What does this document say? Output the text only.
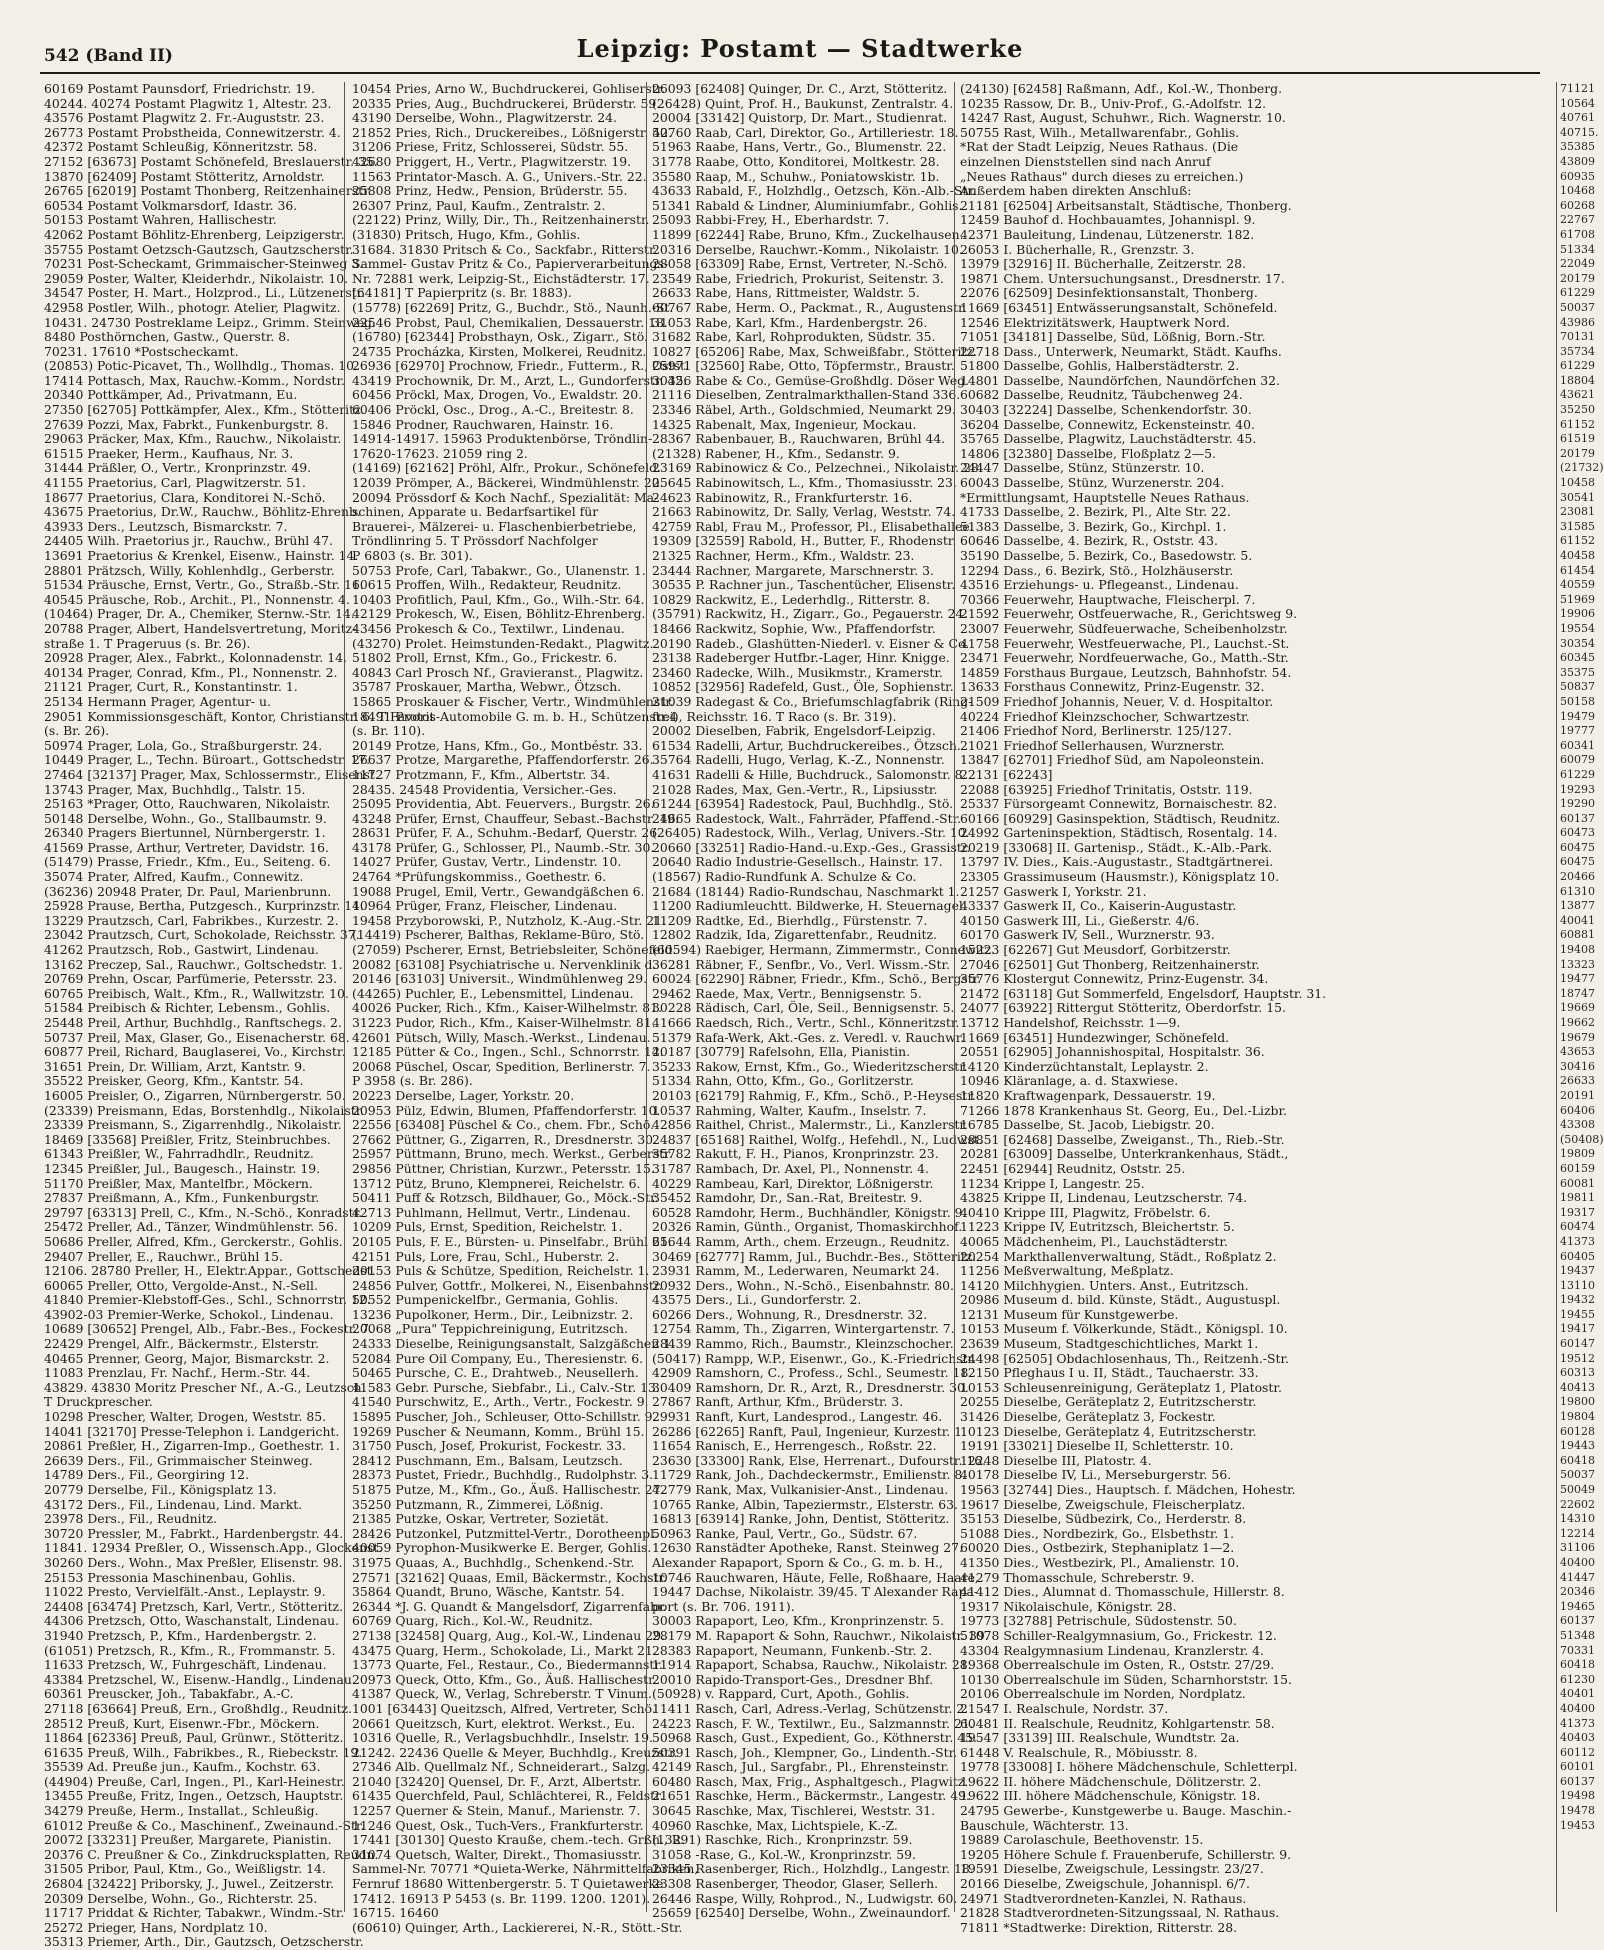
542 (Band II)	Leipzig: Postamt — Stadtwerke
60169 Postamt Paunsdorf, Friedrichstr. 19.
40244. 40274 Postamt Plagwitz 1, Altestr. 23.
43576 Postamt Plagwitz 2. Fr.-Auguststr. 23.
26773 Postamt Probstheida, Connewitzerstr. 4.
42372 Postamt Schleußig, Könneritzstr. 58.
27152 [63673] Postamt Schönefeld, Breslauerstr. 35.
13870 [62409] Postamt Stötteritz, Arnoldstr.
26765 [62019] Postamt Thonberg, Reitzenhainerstr.
60534 Postamt Volkmarsdorf, Idastr. 36.
50153 Postamt Wahren, Hallischestr.
42062 Postamt Böhlitz-Ehrenberg, Leipzigerstr.
35755 Postamt Oetzsch-Gautzsch, Gautzscherstr.
70231 Post-Scheckamt, Grimmaischer-Steinweg 3.
29059 Poster, Walter, Kleiderhdr., Nikolaistr. 10.
34547 Poster, H. Mart., Holzprod., Li., Lützenerstr.
42958 Postler, Wilh., photogr. Atelier, Plagwitz.
10431. 24730 Postreklame Leipz., Grimm. Steinweg.
8480 Posthörnchen, Gastw., Querstr. 8.
70231. 17610 *Postscheckamt.
(20853) Potic-Picavet, Th., Wollhdlg., Thomas. 10.
17414 Pottasch, Max, Rauchw.-Komm., Nordstr.
20340 Pottkämper, Ad., Privatmann, Eu.
27350 [62705] Pottkämpfer, Alex., Kfm., Stötteritz.
27639 Pozzi, Max, Fabrkt., Funkenburgstr. 8.
29063 Präcker, Max, Kfm., Rauchw., Nikolaistr.
61515 Praeker, Herm., Kaufhaus, Nr. 3.
31444 Präßler, O., Vertr., Kronprinzstr. 49.
41155 Praetorius, Carl, Plagwitzerstr. 51.
18677 Praetorius, Clara, Konditorei N.-Schö.
43675 Praetorius, Dr.W., Rauchw., Böhlitz-Ehrenb.
43933 Ders., Leutzsch, Bismarckstr. 7.
24405 Wilh. Praetorius jr., Rauchw., Brühl 47.
13691 Praetorius & Krenkel, Eisenw., Hainstr. 14.
28801 Prätzsch, Willy, Kohlenhdlg., Gerberstr.
51534 Präusche, Ernst, Vertr., Go., Straßb.-Str. 11.
40545 Präusche, Rob., Archit., Pl., Nonnenstr. 4.
(10464) Prager, Dr. A., Chemiker, Sternw.-Str. 14.
20788 Prager, Albert, Handelsvertretung, Moritz-
straße 1. T Prageruus (s. Br. 26).
20928 Prager, Alex., Fabrkt., Kolonnadenstr. 14.
40134 Prager, Conrad, Kfm., Pl., Nonnenstr. 2.
21121 Prager, Curt, R., Konstantinstr. 1.
25134 Hermann Prager, Agentur- u.
29051 Kommissionsgeschäft, Kontor, Christianstr. 6. T Favorit
(s. Br. 26).
50974 Prager, Lola, Go., Straßburgerstr. 24.
10449 Prager, L., Techn. Büroart., Gottschedstr. 17.
27464 [32137] Prager, Max, Schlossermstr., Elisenst.
13743 Prager, Max, Buchhdlg., Talstr. 15.
25163 *Prager, Otto, Rauchwaren, Nikolaistr.
50148 Derselbe, Wohn., Go., Stallbaumstr. 9.
26340 Pragers Biertunnel, Nürnbergerstr. 1.
41569 Prasse, Arthur, Vertreter, Davidstr. 16.
(51479) Prasse, Friedr., Kfm., Eu., Seiteng. 6.
35074 Prater, Alfred, Kaufm., Connewitz.
(36236) 20948 Prater, Dr. Paul, Marienbrunn.
25928 Prause, Bertha, Putzgesch., Kurprinzstr. 11.
13229 Prautzsch, Carl, Fabrikbes., Kurzestr. 2.
23042 Prautzsch, Curt, Schokolade, Reichsstr. 37.
41262 Prautzsch, Rob., Gastwirt, Lindenau.
13162 Preczep, Sal., Rauchwr., Goltschedstr. 1.
20769 Prehn, Oscar, Parfümerie, Petersstr. 23.
60765 Preibisch, Walt., Kfm., R., Wallwitzstr. 10.
51584 Preibisch & Richter, Lebensm., Gohlis.
25448 Preil, Arthur, Buchhdlg., Ranftschegs. 2.
50737 Preil, Max, Glaser, Go., Eisenacherstr. 68.
60877 Preil, Richard, Bauglaserei, Vo., Kirchstr.
31651 Prein, Dr. William, Arzt, Kantstr. 9.
35522 Preisker, Georg, Kfm., Kantstr. 54.
16005 Preisler, O., Zigarren, Nürnbergerstr. 50.
(23339) Preismann, Edas, Borstenhdlg., Nikolaistr.
23339 Preismann, S., Zigarrenhdlg., Nikolaistr.
18469 [33568] Preißler, Fritz, Steinbruchbes.
61343 Preißler, W., Fahrradhdlr., Reudnitz.
12345 Preißler, Jul., Baugesch., Hainstr. 19.
51170 Preißler, Max, Mantelfbr., Möckern.
27837 Preißmann, A., Kfm., Funkenburgstr.
29797 [63313] Prell, C., Kfm., N.-Schö., Konradstr.
25472 Preller, Ad., Tänzer, Windmühlenstr. 56.
50686 Preller, Alfred, Kfm., Gerckerstr., Gohlis.
29407 Preller, E., Rauchwr., Brühl 15.
12106. 28780 Preller, H., Elektr.Appar., Gottschedst.
60065 Preller, Otto, Vergolde-Anst., N.-Sell.
41840 Premier-Klebstoff-Ges., Schl., Schnorrstr. 12.
43902-03 Premier-Werke, Schokol., Lindenau.
10689 [30652] Prengel, Alb., Fabr.-Bes., Fockestr. 7.
22429 Prengel, Alfr., Bäckermstr., Elsterstr.
40465 Prenner, Georg, Major, Bismarckstr. 2.
11083 Prenzlau, Fr. Nachf., Herm.-Str. 44.
43829. 43830 Moritz Prescher Nf., A.-G., Leutzsch.
T Druckprescher.
10298 Prescher, Walter, Drogen, Weststr. 85.
14041 [32170] Presse-Telephon i. Landgericht.
20861 Preßler, H., Zigarren-Imp., Goethestr. 1.
26639 Ders., Fil., Grimmaischer Steinweg.
14789 Ders., Fil., Georgiring 12.
20779 Derselbe, Fil., Königsplatz 13.
43172 Ders., Fil., Lindenau, Lind. Markt.
23978 Ders., Fil., Reudnitz.
30720 Pressler, M., Fabrkt., Hardenbergstr. 44.
11841. 12934 Preßler, O., Wissensch.App., Glockenst.
30260 Ders., Wohn., Max Preßler, Elisenstr. 98.
25153 Pressonia Maschinenbau, Gohlis.
11022 Presto, Vervielfält.-Anst., Leplaystr. 9.
24408 [63474] Pretzsch, Karl, Vertr., Stötteritz.
44306 Pretzsch, Otto, Waschanstalt, Lindenau.
31940 Pretzsch, P., Kfm., Hardenbergstr. 2.
(61051) Pretzsch, R., Kfm., R., Frommanstr. 5.
11633 Pretzsch, W., Fuhrgeschäft, Lindenau.
43384 Pretzschel, W., Eisenw.-Handlg., Lindenau.
60361 Preuscker, Joh., Tabakfabr., A.-C.
27118 [63664] Preuß, Ern., Großhdlg., Reudnitz.
28512 Preuß, Kurt, Eisenwr.-Fbr., Möckern.
11864 [62336] Preuß, Paul, Grünwr., Stötteritz.
61635 Preuß, Wilh., Fabrikbes., R., Riebeckstr. 19.
35539 Ad. Preuße jun., Kaufm., Kochstr. 63.
(44904) Preuße, Carl, Ingen., Pl., Karl-Heinestr.
13455 Preuße, Fritz, Ingen., Oetzsch, Hauptstr.
34279 Preuße, Herm., Installat., Schleußig.
61012 Preuße & Co., Maschinenf., Zweinaund.-Str.
20072 [33231] Preußer, Margarete, Pianistin.
20376 C. Preußner & Co., Zinkdrucksplatten, Reudn.
31505 Pribor, Paul, Ktm., Go., Weißligstr. 14.
26804 [32422] Priborsky, J., Juwel., Zeitzerstr.
20309 Derselbe, Wohn., Go., Richterstr. 25.
11717 Priddat & Richter, Tabakwr., Windm.-Str.
25272 Prieger, Hans, Nordplatz 10.
35313 Priemer, Arth., Dir., Gautzsch, Oetzscherstr.
10454 Pries, Arno W., Buchdruckerei, Gohliserstr.
20335 Pries, Aug., Buchdruckerei, Brüderstr. 59.
43190 Derselbe, Wohn., Plagwitzerstr. 24.
21852 Pries, Rich., Druckereibes., Lößnigerstr. 42.
31206 Priese, Fritz, Schlosserei, Südstr. 55.
42680 Priggert, H., Vertr., Plagwitzerstr. 19.
11563 Printator-Masch. A. G., Univers.-Str. 22.
25808 Prinz, Hedw., Pension, Brüderstr. 55.
26307 Prinz, Paul, Kaufm., Zentralstr. 2.
(22122) Prinz, Willy, Dir., Th., Reitzenhainerstr.
(31830) Pritsch, Hugo, Kfm., Gohlis.
31684. 31830 Pritsch & Co., Sackfabr., Ritterstr.
Sammel- Gustav Pritz & Co., Papierverarbeitungs-
Nr. 72881 werk, Leipzig-St., Eichstädterstr. 17.
[64181] T Papierpritz (s. Br. 1883).
(15778) [62269] Pritz, G., Buchdr., Stö., Naunh.-St.
22546 Probst, Paul, Chemikalien, Dessauerstr. 18.
(16780) [62344] Probsthayn, Osk., Zigarr., Stö.
24735 Procházka, Kirsten, Molkerei, Reudnitz.
26936 [62970] Prochnow, Friedr., Futterm., R., Ostst.
43419 Prochownik, Dr. M., Arzt, L., Gundorferstr. 42.
60456 Pröckl, Max, Drogen, Vo., Ewaldstr. 20.
60406 Pröckl, Osc., Drog., A.-C., Breitestr. 8.
15846 Prodner, Rauchwaren, Hainstr. 16.
14914-14917. 15963 Produktenbörse, Tröndlin-
17620-17623. 21059 ring 2.
(14169) [62162] Pröhl, Alfr., Prokur., Schönefeld.
12039 Prömper, A., Bäckerei, Windmühlenstr. 20.
20094 Prössdorf & Koch Nachf., Spezialität: Ma-
schinen, Apparate u. Bedarfsartikel für
Brauerei-, Mälzerei- u. Flaschenbierbetriebe,
Tröndlinring 5. T Prössdorf Nachfolger
P 6803 (s. Br. 301).
50753 Profe, Carl, Tabakwr., Go., Ulanenstr. 1.
60615 Proffen, Wilh., Redakteur, Reudnitz.
10403 Profitlich, Paul, Kfm., Go., Wilh.-Str. 64.
42129 Prokesch, W., Eisen, Böhlitz-Ehrenberg.
43456 Prokesch & Co., Textilwr., Lindenau.
(43270) Prolet. Heimstunden-Redakt., Plagwitz.
51802 Proll, Ernst, Kfm., Go., Frickestr. 6.
40843 Carl Prosch Nf., Gravieranst., Plagwitz.
35787 Proskauer, Martha, Webwr., Ötzsch.
15865 Proskauer & Fischer, Vertr., Windmühlenstr.
18491 Protos-Automobile G. m. b. H., Schützenstr.4
(s. Br. 110).
20149 Protze, Hans, Kfm., Go., Montbéstr. 33.
26637 Protze, Margarethe, Pfaffendorferstr. 26.
11727 Protzmann, F., Kfm., Albertstr. 34.
28435. 24548 Providentia, Versicher.-Ges.
25095 Providentia, Abt. Feuervers., Burgstr. 26.
43248 Prüfer, Ernst, Chauffeur, Sebast.-Bachstr. 19.
28631 Prüfer, F. A., Schuhm.-Bedarf, Querstr. 26.
43178 Prüfer, G., Schlosser, Pl., Naumb.-Str. 30.
14027 Prüfer, Gustav, Vertr., Lindenstr. 10.
24764 *Prüfungskommiss., Goethestr. 6.
19088 Prugel, Emil, Vertr., Gewandgäßchen 6.
40964 Prüger, Franz, Fleischer, Lindenau.
19458 Przyborowski, P., Nutzholz, K.-Aug.-Str. 21.
(14419) Pscherer, Balthas, Reklame-Büro, Stö.
(27059) Pscherer, Ernst, Betriebsleiter, Schönefeld.
20082 [63108] Psychiatrische u. Nervenklinik d.
20146 [63103] Universit., Windmühlenweg 29.
(44265) Puchler, E., Lebensmittel, Lindenau.
40026 Pucker, Rich., Kfm., Kaiser-Wilhelmstr. 81.
31223 Pudor, Rich., Kfm., Kaiser-Wilhelmstr. 81.
42601 Pütsch, Willy, Masch.-Werkst., Lindenau.
12185 Pütter & Co., Ingen., Schl., Schnorrstr. 14.
20068 Püschel, Oscar, Spedition, Berlinerstr. 7.
P 3958 (s. Br. 286).
20223 Derselbe, Lager, Yorkstr. 20.
20953 Pülz, Edwin, Blumen, Pfaffendorferstr. 10.
22556 [63408] Püschel & Co., chem. Fbr., Schö.
27662 Püttner, G., Zigarren, R., Dresdnerstr. 30.
25957 Püttmann, Bruno, mech. Werkst., Gerberstr.
29856 Püttner, Christian, Kurzwr., Petersstr. 15.
13712 Pütz, Bruno, Klempnerei, Reichelstr. 6.
50411 Puff & Rotzsch, Bildhauer, Go., Möck.-Str.
42713 Puhlmann, Hellmut, Vertr., Lindenau.
10209 Puls, Ernst, Spedition, Reichelstr. 1.
20105 Puls, F. E., Bürsten- u. Pinselfabr., Brühl 65.
42151 Puls, Lore, Frau, Schl., Huberstr. 2.
20153 Puls & Schütze, Spedition, Reichelstr. 1.
24856 Pulver, Gottfr., Molkerei, N., Eisenbahnstr.
50552 Pumpenickelfbr., Germania, Gohlis.
13236 Pupolkoner, Herm., Dir., Leibnizstr. 2.
20068 „Pura" Teppichreinigung, Eutritzsch.
24333 Dieselbe, Reinigungsanstalt, Salzgäßchen 1.
52084 Pure Oil Company, Eu., Theresienstr. 6.
50465 Pursche, C. E., Drahtweb., Neusellerh.
41583 Gebr. Pursche, Siebfabr., Li., Calv.-Str. 13.
41540 Purschwitz, E., Arth., Vertr., Fockestr. 9.
15895 Puscher, Joh., Schleuser, Otto-Schillstr. 9.
19269 Puscher & Neumann, Komm., Brühl 15.
31750 Pusch, Josef, Prokurist, Fockestr. 33.
28412 Puschmann, Em., Balsam, Leutzsch.
28373 Pustet, Friedr., Buchhdlg., Rudolphstr. 3.
51875 Putze, M., Kfm., Go., Äuß. Hallischestr. 27.
35250 Putzmann, R., Zimmerei, Lößnig.
21385 Putzke, Oskar, Vertreter, Sozietät.
28426 Putzonkel, Putzmittel-Vertr., Dorotheenpl.
40059 Pyrophon-Musikwerke E. Berger, Gohlis.
31975 Quaas, A., Buchhdlg., Schenkend.-Str.
27571 [32162] Quaas, Emil, Bäckermstr., Kochstr.
35864 Quandt, Bruno, Wäsche, Kantstr. 54.
26344 *J. G. Quandt & Mangelsdorf, Zigarrenfabr.
60769 Quarg, Rich., Kol.-W., Reudnitz.
27138 [32458] Quarg, Aug., Kol.-W., Lindenau 29.
43475 Quarg, Herm., Schokolade, Li., Markt 21.
13773 Quarte, Fel., Restaur., Co., Biedermannstr.
20973 Queck, Otto, Kfm., Go., Äuß. Hallischestr.
41387 Queck, W., Verlag, Schreberstr. T Vinum.
1001 [63443] Queitzsch, Alfred, Vertreter, Schö.
20661 Queitzsch, Kurt, elektrot. Werkst., Eu.
10316 Quelle, R., Verlagsbuchhdlr., Inselstr. 19.
21242. 22436 Quelle & Meyer, Buchhdlg., Kreuzstr.
27346 Alb. Quellmalz Nf., Schneiderart., Salzg.
21040 [32420] Quensel, Dr. F., Arzt, Albertstr.
61435 Querchfeld, Paul, Schlächterei, R., Feldstr.
12257 Querner & Stein, Manuf., Marienstr. 7.
11246 Quest, Osk., Tuch-Vers., Frankfurterstr.
17441 [30130] Questo Krauße, chem.-tech. Grßh., R.
31074 Quetsch, Walter, Direkt., Thomasiusstr.
Sammel-Nr. 70771 *Quieta-Werke, Nährmittelfabriken,
Fernruf 18680 Wittenbergerstr. 5. T Quietawerke
17412. 16913 P 5453 (s. Br. 1199. 1200. 1201).
16715. 16460
(60610) Quinger, Arth., Lackiererei, N.-R., Stött.-Str.
26093 [62408] Quinger, Dr. C., Arzt, Stötteritz.
(26428) Quint, Prof. H., Baukunst, Zentralstr. 4.
20004 [33142] Quistorp, Dr. Mart., Studienrat.
50760 Raab, Carl, Direktor, Go., Artilleriestr. 18.
51963 Raabe, Hans, Vertr., Go., Blumenstr. 22.
31778 Raabe, Otto, Konditorei, Moltkestr. 28.
35580 Raap, M., Schuhw., Poniatowskistr. 1b.
43633 Rabald, F., Holzhdlg., Oetzsch, Kön.-Alb.-Str.
51341 Rabald & Lindner, Aluminiumfabr., Gohlis.
25093 Rabbi-Frey, H., Eberhardstr. 7.
11899 [62244] Rabe, Bruno, Kfm., Zuckelhausen.
20316 Derselbe, Rauchwr.-Komm., Nikolaistr. 10.
28058 [63309] Rabe, Ernst, Vertreter, N.-Schö.
23549 Rabe, Friedrich, Prokurist, Seitenstr. 3.
26633 Rabe, Hans, Rittmeister, Waldstr. 5.
60767 Rabe, Herm. O., Packmat., R., Augustenstr.
31053 Rabe, Karl, Kfm., Hardenbergstr. 26.
31682 Rabe, Karl, Rohprodukten, Südstr. 35.
10827 [65206] Rabe, Max, Schweißfabr., Stötteritz.
25971 [32560] Rabe, Otto, Töpfermstr., Braustr.
30356 Rabe & Co., Gemüse-Großhdlg. Döser Weg.
21116 Dieselben, Zentralmarkthallen-Stand 336.
23346 Räbel, Arth., Goldschmied, Neumarkt 29.
14325 Rabenalt, Max, Ingenieur, Mockau.
28367 Rabenbauer, B., Rauchwaren, Brühl 44.
(21328) Rabener, H., Kfm., Sedanstr. 9.
23169 Rabinowicz & Co., Pelzechnei., Nikolaistr. 28.
25645 Rabinowitsch, L., Kfm., Thomasiusstr. 23.
24623 Rabinowitz, R., Frankfurterstr. 16.
21663 Rabinowitz, Dr. Sally, Verlag, Weststr. 74.
42759 Rabl, Frau M., Professor, Pl., Elisabethallee.
19309 [32559] Rabold, H., Butter, F., Rhodenstr.
21325 Rachner, Herm., Kfm., Waldstr. 23.
23444 Rachner, Margarete, Marschnerstr. 3.
30535 P. Rachner jun., Taschentücher, Elisenstr.
10829 Rackwitz, E., Lederhdlg., Ritterstr. 8.
(35791) Rackwitz, H., Zigarr., Go., Pegauerstr. 24.
18466 Rackwitz, Sophie, Ww., Pfaffendorfstr.
20190 Radeb., Glashütten-Niederl. v. Eisner & Co.
23138 Radeberger Hutfbr.-Lager, Hinr. Knigge.
23460 Radecke, Wilh., Musikmstr., Kramerstr.
10852 [32956] Radefeld, Gust., Öle, Sophienstr.
21039 Radegast & Co., Briefumschlagfabrik (Ring-
frei), Reichsstr. 16. T Raco (s. Br. 319).
20002 Dieselben, Fabrik, Engelsdorf-Leipzig.
61534 Radelli, Artur, Buchdruckereibes., Ötzsch.
35764 Radelli, Hugo, Verlag, K.-Z., Nonnenstr.
41631 Radelli & Hille, Buchdruck., Salomonstr. 8.
21028 Rades, Max, Gen.-Vertr., R., Lipsiusstr.
61244 [63954] Radestock, Paul, Buchhdlg., Stö.
24665 Radestock, Walt., Fahrräder, Pfaffend.-Str.
(26405) Radestock, Wilh., Verlag, Univers.-Str. 10.
20660 [33251] Radio-Hand.-u.Exp.-Ges., Grassistr.
20640 Radio Industrie-Gesellsch., Hainstr. 17.
(18567) Radio-Rundfunk A. Schulze & Co.
21684 (18144) Radio-Rundschau, Naschmarkt 1.
11200 Radiumleuchtt. Bildwerke, H. Steuernagel.
11209 Radtke, Ed., Bierhdlg., Fürstenstr. 7.
12802 Radzik, Ida, Zigarettenfabr., Reudnitz.
(60594) Raebiger, Hermann, Zimmermstr., Connewitz.
36281 Räbner, F., Senfbr., Vo., Verl. Wissm.-Str.
60024 [62290] Räbner, Friedr., Kfm., Schö., Bergstr.
29462 Raede, Max, Vertr., Bennigsenstr. 5.
30228 Rädisch, Carl, Öle, Seil., Bennigsenstr. 5.
41666 Raedsch, Rich., Vertr., Schl., Könneritzstr.
51379 Rafa-Werk, Akt.-Ges. z. Veredl. v. Rauchwr.
20187 [30779] Rafelsohn, Ella, Pianistin.
35233 Rakow, Ernst, Kfm., Go., Wiederitzscherstr.
51334 Rahn, Otto, Kfm., Go., Gorlitzerstr.
20103 [62179] Rahmig, F., Kfm., Schö., P.-Heysestr.
10537 Rahming, Walter, Kaufm., Inselstr. 7.
42856 Raithel, Christ., Malermstr., Li., Kanzlerstr.
24837 [65168] Raithel, Wolfg., Hefehdl., N., Ludwst.
35782 Rakutt, F. H., Pianos, Kronprinzstr. 23.
31787 Rambach, Dr. Axel, Pl., Nonnenstr. 4.
40229 Rambeau, Karl, Direktor, Lößnigerstr.
35452 Ramdohr, Dr., San.-Rat, Breitestr. 9.
60528 Ramdohr, Herm., Buchhändler, Königstr. 9.
20326 Ramin, Günth., Organist, Thomaskirchhof.
21644 Ramm, Arth., chem. Erzeugn., Reudnitz.
30469 [62777] Ramm, Jul., Buchdr.-Bes., Stötteritz.
23931 Ramm, M., Lederwaren, Neumarkt 24.
20932 Ders., Wohn., N.-Schö., Eisenbahnstr. 80.
43575 Ders., Li., Gundorferstr. 2.
60266 Ders., Wohnung, R., Dresdnerstr. 32.
12754 Ramm, Th., Zigarren, Wintergartenstr. 7.
28439 Rammo, Rich., Baumstr., Kleinzschocher.
(50417) Rampp, W.P., Eisenwr., Go., K.-Friedrichstr.
42909 Ramshorn, C., Profess., Schl., Seumestr. 18.
30409 Ramshorn, Dr. R., Arzt, R., Dresdnerstr. 30.
27867 Ranft, Arthur, Kfm., Brüderstr. 3.
29931 Ranft, Kurt, Landesprod., Langestr. 46.
26286 [62265] Ranft, Paul, Ingenieur, Kurzestr. 1.
11654 Ranisch, E., Herrengesch., Roßstr. 22.
23630 [33300] Rank, Else, Herrenart., Dufourstr. 16.
11729 Rank, Joh., Dachdeckermstr., Emilienstr. 8.
42779 Rank, Max, Vulkanisier-Anst., Lindenau.
10765 Ranke, Albin, Tapeziermstr., Elsterstr. 63.
16813 [63914] Ranke, John, Dentist, Stötteritz.
50963 Ranke, Paul, Vertr., Go., Südstr. 67.
12630 Ranstädter Apotheke, Ranst. Steinweg 27.
Alexander Rapaport, Sporn & Co., G. m. b. H.,
10746 Rauchwaren, Häute, Felle, Roßhaare, Haare,
19447 Dachse, Nikolaistr. 39/45. T Alexander Rapa-
port (s. Br. 706. 1911).
30003 Rapaport, Leo, Kfm., Kronprinzenstr. 5.
28179 M. Rapaport & Sohn, Rauchwr., Nikolaistr. 39.
28383 Rapaport, Neumann, Funkenb.-Str. 2.
11914 Rapaport, Schabsa, Rauchw., Nikolaistr. 28.
20010 Rapido-Transport-Ges., Dresdner Bhf.
(50928) v. Rappard, Curt, Apoth., Gohlis.
11411 Rasch, Carl, Adress.-Verlag, Schützenstr. 2.
24223 Rasch, F. W., Textilwr., Eu., Salzmannstr. 21.
50968 Rasch, Gust., Expedient, Go., Köthnerstr. 45.
50391 Rasch, Joh., Klempner, Go., Lindenth.-Str.
42149 Rasch, Jul., Sargfabr., Pl., Ehrensteinstr.
60480 Rasch, Max, Frig., Asphaltgesch., Plagwitz.
21651 Raschke, Herm., Bäckermstr., Langestr. 49.
30645 Raschke, Max, Tischlerei, Weststr. 31.
40960 Raschke, Max, Lichtspiele, K.-Z.
(13291) Raschke, Rich., Kronprinzstr. 59.
31058 -Rase, G., Kol.-W., Kronprinzstr. 59.
23345 Rasenberger, Rich., Holzhdlg., Langestr. 18.
23308 Rasenberger, Theodor, Glaser, Sellerh.
26446 Raspe, Willy, Rohprod., N., Ludwigstr. 60.
25659 [62540] Derselbe, Wohn., Zweinaundorf.
(24130) [62458] Raßmann, Adf., Kol.-W., Thonberg.
10235 Rassow, Dr. B., Univ-Prof., G.-Adolfstr. 12.
14247 Rast, August, Schuhwr., Rich. Wagnerstr. 10.
50755 Rast, Wilh., Metallwarenfabr., Gohlis.
*Rat der Stadt Leipzig, Neues Rathaus. (Die
einzelnen Dienststellen sind nach Anruf
„Neues Rathaus" durch dieses zu erreichen.)
Außerdem haben direkten Anschluß:
21181 [62504] Arbeitsanstalt, Städtische, Thonberg.
12459 Bauhof d. Hochbauamtes, Johannispl. 9.
42371 Bauleitung, Lindenau, Lützenerstr. 182.
26053 I. Bücherhalle, R., Grenzstr. 3.
13979 [32916] II. Bücherhalle, Zeitzerstr. 28.
19871 Chem. Untersuchungsanst., Dresdnerstr. 17.
22076 [62509] Desinfektionsanstalt, Thonberg.
11669 [63451] Entwässerungsanstalt, Schönefeld.
12546 Elektrizitätswerk, Hauptwerk Nord.
71051 [34181] Dasselbe, Süd, Lößnig, Born.-Str.
22718 Dass., Unterwerk, Neumarkt, Städt. Kaufhs.
51800 Dasselbe, Gohlis, Halberstädterstr. 2.
14801 Dasselbe, Naundörfchen, Naundörfchen 32.
60682 Dasselbe, Reudnitz, Täubchenweg 24.
30403 [32224] Dasselbe, Schenkendorfstr. 30.
36204 Dasselbe, Connewitz, Eckensteinstr. 40.
35765 Dasselbe, Plagwitz, Lauchstädterstr. 45.
14806 [32380] Dasselbe, Floßplatz 2—5.
24447 Dasselbe, Stünz, Stünzerstr. 10.
60043 Dasselbe, Stünz, Wurzenerstr. 204.
*Ermittlungsamt, Hauptstelle Neues Rathaus.
41733 Dasselbe, 2. Bezirk, Pl., Alte Str. 22.
51383 Dasselbe, 3. Bezirk, Go., Kirchpl. 1.
60646 Dasselbe, 4. Bezirk, R., Oststr. 43.
35190 Dasselbe, 5. Bezirk, Co., Basedowstr. 5.
12294 Dass., 6. Bezirk, Stö., Holzhäuserstr.
43516 Erziehungs- u. Pflegeanst., Lindenau.
70366 Feuerwehr, Hauptwache, Fleischerpl. 7.
21592 Feuerwehr, Ostfeuerwache, R., Gerichtsweg 9.
23007 Feuerwehr, Südfeuerwache, Scheibenholzstr.
41758 Feuerwehr, Westfeuerwache, Pl., Lauchst.-St.
23471 Feuerwehr, Nordfeuerwache, Go., Matth.-Str.
14859 Forsthaus Burgaue, Leutzsch, Bahnhofstr. 54.
13633 Forsthaus Connewitz, Prinz-Eugenstr. 32.
21509 Friedhof Johannis, Neuer, V. d. Hospitaltor.
40224 Friedhof Kleinzschocher, Schwartzestr.
21406 Friedhof Nord, Berlinerstr. 125/127.
21021 Friedhof Sellerhausen, Wurznerstr.
13847 [62701] Friedhof Süd, am Napoleonstein.
22131 [62243]
22088 [63925] Friedhof Trinitatis, Oststr. 119.
25337 Fürsorgeamt Connewitz, Bornaischestr. 82.
60166 [60929] Gasinspektion, Städtisch, Reudnitz.
24992 Garteninspektion, Städtisch, Rosentalg. 14.
20219 [33068] II. Gartenisp., Städt., K.-Alb.-Park.
13797 IV. Dies., Kais.-Augustastr., Stadtgärtnerei.
23305 Grassimuseum (Hausmstr.), Königsplatz 10.
21257 Gaswerk I, Yorkstr. 21.
43337 Gaswerk II, Co., Kaiserin-Augustastr.
40150 Gaswerk III, Li., Gießerstr. 4/6.
60170 Gaswerk IV, Sell., Wurznerstr. 93.
15223 [62267] Gut Meusdorf, Gorbitzerstr.
27046 [62501] Gut Thonberg, Reitzenhainerstr.
35776 Klostergut Connewitz, Prinz-Eugenstr. 34.
21472 [63118] Gut Sommerfeld, Engelsdorf, Hauptstr. 31.
24077 [63922] Rittergut Stötteritz, Oberdorfstr. 15.
13712 Handelshof, Reichsstr. 1—9.
11669 [63451] Hundezwinger, Schönefeld.
20551 [62905] Johannishospital, Hospitalstr. 36.
14120 Kinderzüchtanstalt, Leplaystr. 2.
10946 Kläranlage, a. d. Staxwiese.
11820 Kraftwagenpark, Dessauerstr. 19.
71266 1878 Krankenhaus St. Georg, Eu., Del.-Lizbr.
16785 Dasselbe, St. Jacob, Liebigstr. 20.
28851 [62468] Dasselbe, Zweiganst., Th., Rieb.-Str.
20281 [63009] Dasselbe, Unterkrankenhaus, Städt.,
22451 [62944] Reudnitz, Oststr. 25.
11234 Krippe I, Langestr. 25.
43825 Krippe II, Lindenau, Leutzscherstr. 74.
40410 Krippe III, Plagwitz, Fröbelstr. 6.
11223 Krippe IV, Eutritzsch, Bleichertstr. 5.
40065 Mädchenheim, Pl., Lauchstädterstr.
20254 Markthallenverwaltung, Städt., Roßplatz 2.
11256 Meßverwaltung, Meßplatz.
14120 Milchhygien. Unters. Anst., Eutritzsch.
20986 Museum d. bild. Künste, Städt., Augustuspl.
12131 Museum für Kunstgewerbe.
10153 Museum f. Völkerkunde, Städt., Königspl. 10.
23639 Museum, Stadtgeschichtliches, Markt 1.
24498 [62505] Obdachlosenhaus, Th., Reitzenh.-Str.
12150 Pfleghaus I u. II, Städt., Tauchaerstr. 33.
10153 Schleusenreinigung, Geräteplatz 1, Platostr.
20255 Dieselbe, Geräteplatz 2, Eutritzscherstr.
31426 Dieselbe, Geräteplatz 3, Fockestr.
10123 Dieselbe, Geräteplatz 4, Eutritzscherstr.
19191 [33021] Dieselbe II, Schletterstr. 10.
12248 Dieselbe III, Platostr. 4.
40178 Dieselbe IV, Li., Merseburgerstr. 56.
19563 [32744] Dies., Hauptsch. f. Mädchen, Hohestr.
19617 Dieselbe, Zweigschule, Fleischerplatz.
35153 Dieselbe, Südbezirk, Co., Herderstr. 8.
51088 Dies., Nordbezirk, Go., Elsbethstr. 1.
60020 Dies., Ostbezirk, Stephaniplatz 1—2.
41350 Dies., Westbezirk, Pl., Amalienstr. 10.
41279 Thomasschule, Schreberstr. 9.
41412 Dies., Alumnat d. Thomasschule, Hillerstr. 8.
19317 Nikolaischule, Königstr. 28.
19773 [32788] Petrischule, Südostenstr. 50.
51078 Schiller-Realgymnasium, Go., Frickestr. 12.
43304 Realgymnasium Lindenau, Kranzlerstr. 4.
19368 Oberrealschule im Osten, R., Oststr. 27/29.
10130 Oberrealschule im Süden, Scharnhorststr. 15.
20106 Oberrealschule im Norden, Nordplatz.
21547 I. Realschule, Nordstr. 37.
60481 II. Realschule, Reudnitz, Kohlgartenstr. 58.
19547 [33139] III. Realschule, Wundtstr. 2a.
61448 V. Realschule, R., Möbiusstr. 8.
19778 [33008] I. höhere Mädchenschule, Schletterpl.
19622 II. höhere Mädchenschule, Dölitzerstr. 2.
19622 III. höhere Mädchenschule, Königstr. 18.
24795 Gewerbe-, Kunstgewerbe u. Bauge. Maschin.-
Bauschule, Wächterstr. 13.
19889 Carolaschule, Beethovenstr. 15.
19205 Höhere Schule f. Frauenberufe, Schillerstr. 9.
19591 Dieselbe, Zweigschule, Lessingstr. 23/27.
20166 Dieselbe, Zweigschule, Johannispl. 6/7.
24971 Stadtverordneten-Kanzlei, N. Rathaus.
21828 Stadtverordneten-Sitzungssaal, N. Rathaus.
71811 *Stadtwerke: Direktion, Ritterstr. 28.
71121
10564
40761
40715.
35385
43809
60935
10468
60268
22767
61708
51334
22049
20179
61229
50037
43986
70131
35734
61229
18804
43621
35250
61152
61519
20179
(21732)
10458
30541
23081
31585
61152
40458
61454
40559
51969
19906
19554
30354
60345
35375
50837
50158
19479
19777
60341
60079
61229
19293
19290
60137
60473
60475
60475
20466
61310
13877
40041
60881
19408
13323
19477
18747
19669
19662
19679
43653
30416
26633
20191
60406
43308
(50408)
19809
60159
60081
19811
19317
60474
41373
60405
19437
13110
19432
19455
19417
60147
19512
60313
40413
19800
19804
60128
19443
60418
50037
50049
22602
14310
12214
31106
40400
41447
20346
19465
60137
51348
70331
60418
61230
40401
40400
41373
40403
60112
60101
60137
19498
19478
19453
